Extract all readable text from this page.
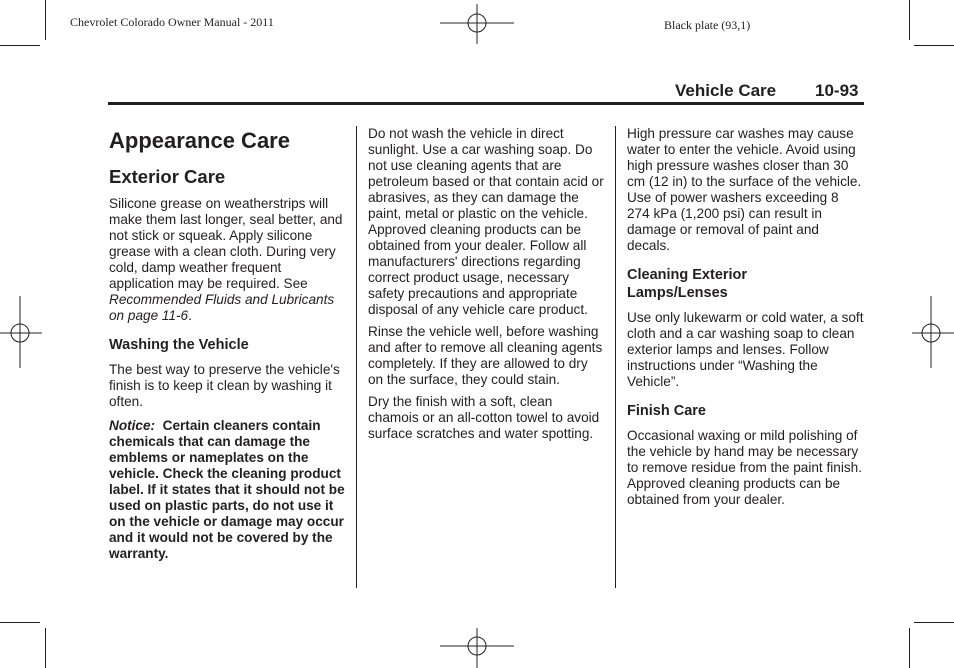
Chevrolet Colorado Owner Manual - 2011	Black plate (93,1)
Vehicle Care 10-93
Appearance Care
Exterior Care

Silicone grease on weatherstrips will make them last longer, seal better, and not stick or squeak. Apply silicone grease with a clean cloth. During very cold, damp weather frequent application may be required. See Recommended Fluids and Lubricants on page 11-6.

Washing the Vehicle

The best way to preserve the vehicle's finish is to keep it clean by washing it often.

Notice: Certain cleaners contain chemicals that can damage the emblems or nameplates on the vehicle. Check the cleaning product label. If it states that it should not be used on plastic parts, do not use it on the vehicle or damage may occur and it would not be covered by the warranty.

Do not wash the vehicle in direct sunlight. Use a car washing soap. Do not use cleaning agents that are petroleum based or that contain acid or abrasives, as they can damage the paint, metal or plastic on the vehicle. Approved cleaning products can be obtained from your dealer. Follow all manufacturers' directions regarding correct product usage, necessary safety precautions and appropriate disposal of any vehicle care product.

Rinse the vehicle well, before washing and after to remove all cleaning agents completely. If they are allowed to dry on the surface, they could stain.

Dry the finish with a soft, clean chamois or an all-cotton towel to avoid surface scratches and water spotting.

High pressure car washes may cause water to enter the vehicle. Avoid using high pressure washes closer than 30 cm (12 in) to the surface of the vehicle. Use of power washers exceeding 8 274 kPa (1,200 psi) can result in damage or removal of paint and decals.

Cleaning Exterior
Lamps/Lenses

Use only lukewarm or cold water, a soft cloth and a car washing soap to clean exterior lamps and lenses. Follow instructions under “Washing the Vehicle”.

Finish Care

Occasional waxing or mild polishing of the vehicle by hand may be necessary to remove residue from the paint finish. Approved cleaning products can be obtained from your dealer.
